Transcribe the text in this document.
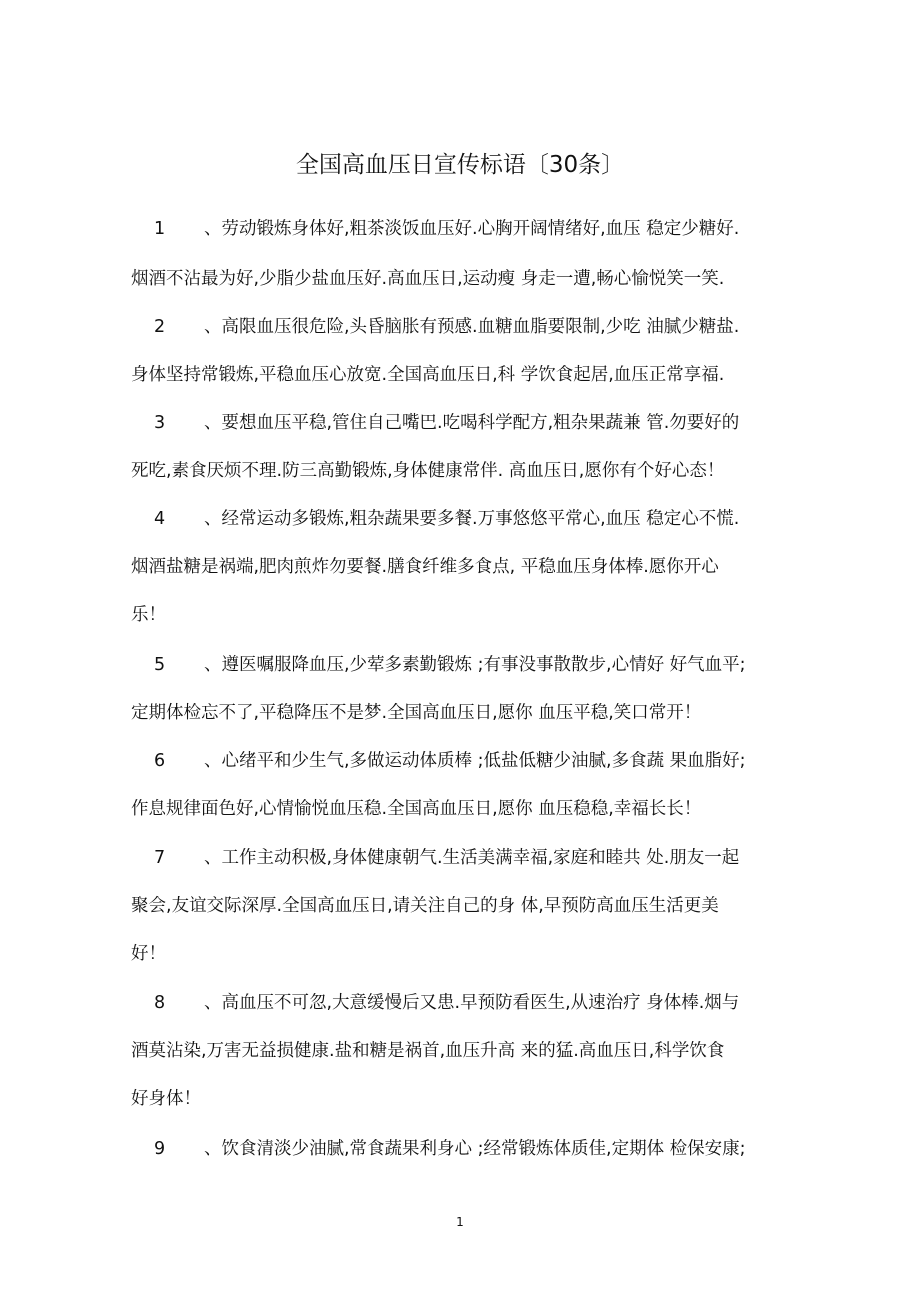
全国高血压日宣传标语〔30条〕
1 、劳动锻炼身体好,粗茶淡饭血压好.心胸开阔情绪好,血压 稳定少糖好.
烟酒不沾最为好,少脂少盐血压好.高血压日,运动瘦 身走一遭,畅心愉悦笑一笑.
2 、高限血压很危险,头昏脑胀有预感.血糖血脂要限制,少吃 油腻少糖盐.
身体坚持常锻炼,平稳血压心放宽.全国高血压日,科 学饮食起居,血压正常享福.
3 、要想血压平稳,管住自己嘴巴.吃喝科学配方,粗杂果蔬兼 管.勿要好的
死吃,素食厌烦不理.防三高勤锻炼,身体健康常伴. 高血压日,愿你有个好心态！
4 、经常运动多锻炼,粗杂蔬果要多餐.万事悠悠平常心,血压 稳定心不慌.
烟酒盐糖是祸端,肥肉煎炸勿要餐.膳食纤维多食点, 平稳血压身体棒.愿你开心
乐！
5 、遵医嘱服降血压,少荤多素勤锻炼 ;有事没事散散步,心情好 好气血平;
定期体检忘不了,平稳降压不是梦.全国高血压日,愿你 血压平稳,笑口常开！
6 、心绪平和少生气,多做运动体质棒 ;低盐低糖少油腻,多食蔬 果血脂好;
作息规律面色好,心情愉悦血压稳.全国高血压日,愿你 血压稳稳,幸福长长！
7 、工作主动积极,身体健康朝气.生活美满幸福,家庭和睦共 处.朋友一起
聚会,友谊交际深厚.全国高血压日,请关注自己的身 体,早预防高血压生活更美
好！
8 、高血压不可忽,大意缓慢后又患.早预防看医生,从速治疗 身体棒.烟与
酒莫沾染,万害无益损健康.盐和糖是祸首,血压升高 来的猛.高血压日,科学饮食
好身体！
9 、饮食清淡少油腻,常食蔬果利身心 ;经常锻炼体质佳,定期体 检保安康;
1
